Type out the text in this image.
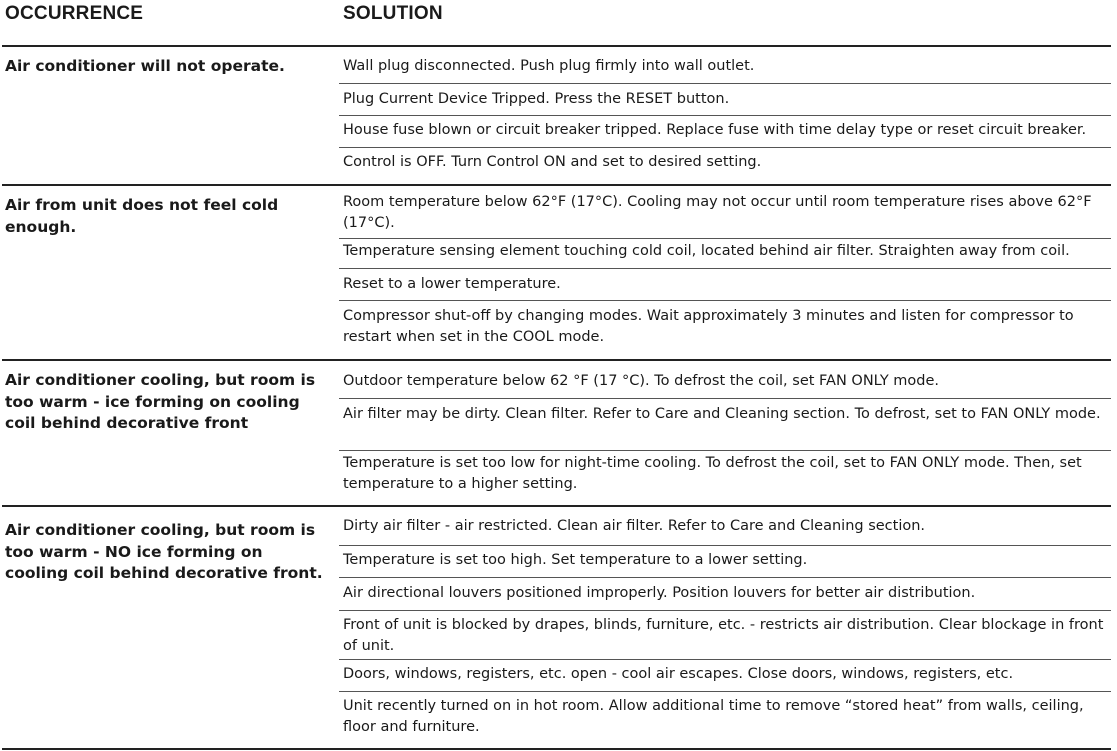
OCCURRENCE	SOLUTION
Air conditioner will not operate.	Wall plug disconnected. Push plug firmly into wall outlet.
Plug Current Device Tripped. Press the RESET button.
House fuse blown or circuit breaker tripped. Replace fuse with time delay type or reset circuit breaker.
Control is OFF. Turn Control ON and set to desired setting.
Air from unit does not feel cold enough.
Room temperature below 62°F (17°C). Cooling may not occur until room temperature rises above 62°F (17°C).
Temperature sensing element touching cold coil, located behind air filter. Straighten away from coil.
Reset to a lower temperature.
Compressor shut-off by changing modes. Wait approximately 3 minutes and listen for compressor to restart when set in the COOL mode.
Air conditioner cooling, but room is too warm - ice forming on cooling coil behind decorative front
Outdoor temperature below 62 °F (17 °C). To defrost the coil, set FAN ONLY mode.
Air filter may be dirty. Clean filter. Refer to Care and Cleaning section. To defrost, set to FAN ONLY mode.
Temperature is set too low for night-time cooling. To defrost the coil, set to FAN ONLY mode. Then, set temperature to a higher setting.
Air conditioner cooling, but room is too warm - NO ice forming on cooling coil behind decorative front.
Dirty air filter - air restricted. Clean air filter. Refer to Care and Cleaning section.
Temperature is set too high. Set temperature to a lower setting.
Air directional louvers positioned improperly. Position louvers for better air distribution.
Front of unit is blocked by drapes, blinds, furniture, etc. - restricts air distribution. Clear blockage in front of unit.
Doors, windows, registers, etc. open - cool air escapes. Close doors, windows, registers, etc.
Unit recently turned on in hot room. Allow additional time to remove “stored heat” from walls, ceiling, floor and furniture.
